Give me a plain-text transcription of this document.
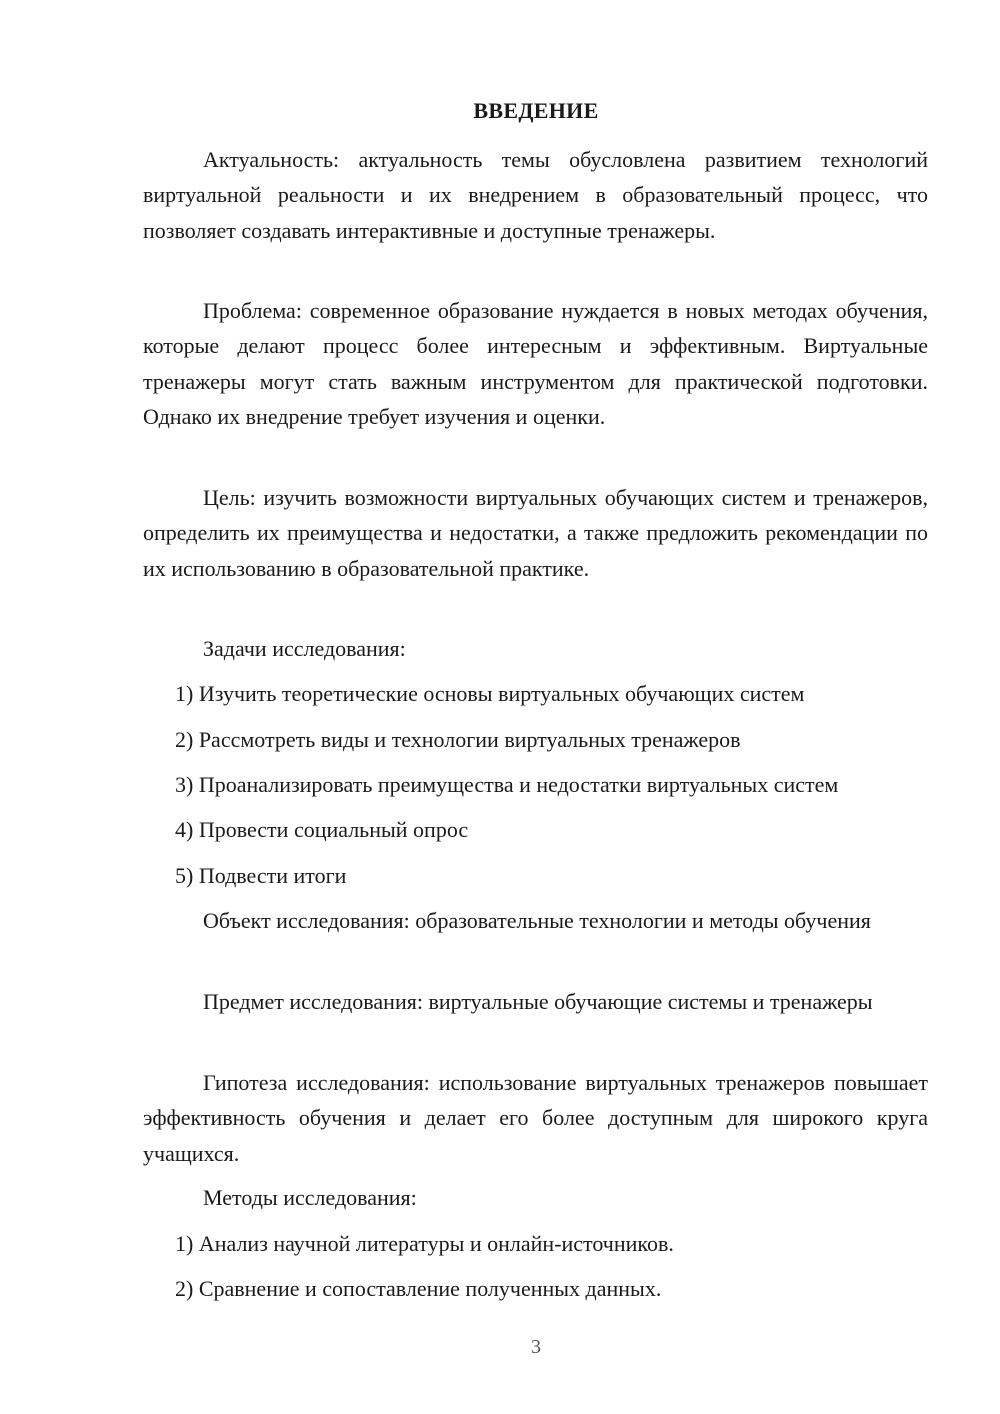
ВВЕДЕНИЕ

Актуальность: актуальность темы обусловлена развитием технологий виртуальной реальности и их внедрением в образовательный процесс, что позволяет создавать интерактивные и доступные тренажеры.

Проблема: современное образование нуждается в новых методах обучения, которые делают процесс более интересным и эффективным. Виртуальные тренажеры могут стать важным инструментом для практической подготовки. Однако их внедрение требует изучения и оценки.

Цель: изучить возможности виртуальных обучающих систем и тренажеров, определить их преимущества и недостатки, а также предложить рекомендации по их использованию в образовательной практике.

Задачи исследования:
1) Изучить теоретические основы виртуальных обучающих систем
2) Рассмотреть виды и технологии виртуальных тренажеров
3) Проанализировать преимущества и недостатки виртуальных систем
4) Провести социальный опрос
5) Подвести итоги

Объект исследования: образовательные технологии и методы обучения

Предмет исследования: виртуальные обучающие системы и тренажеры

Гипотеза исследования: использование виртуальных тренажеров повышает эффективность обучения и делает его более доступным для широкого круга учащихся.

Методы исследования:
1) Анализ научной литературы и онлайн-источников.
2) Сравнение и сопоставление полученных данных.
3
